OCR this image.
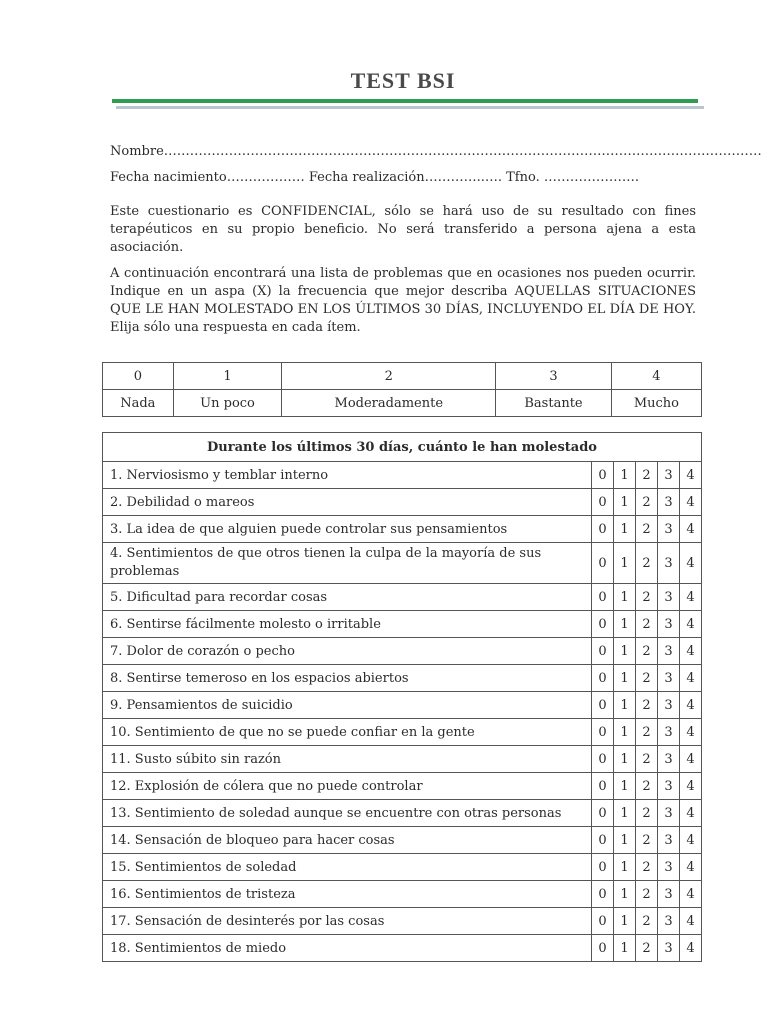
TEST BSI
Nombre…………………………………………………………………………………………………………………………
Fecha nacimiento……………… Fecha realización…………..…. Tfno. ………………….

Este cuestionario es CONFIDENCIAL, sólo se hará uso de su resultado con fines terapéuticos en su propio beneficio. No será transferido a persona ajena a esta asociación.

A continuación encontrará una lista de problemas que en ocasiones nos pueden ocurrir. Indique en un aspa (X) la frecuencia que mejor describa AQUELLAS SITUACIONES QUE LE HAN MOLESTADO EN LOS ÚLTIMOS 30 DÍAS, INCLUYENDO EL DÍA DE HOY. Elija sólo una respuesta en cada ítem.

0	1	2	3	4
Nada	Un poco	Moderadamente	Bastante	Mucho
Durante los últimos 30 días, cuánto le han molestado					
1. Nerviosismo y temblar interno	0	1	2	3	4
2. Debilidad o mareos	0	1	2	3	4
3. La idea de que alguien puede controlar sus pensamientos	0	1	2	3	4
4. Sentimientos de que otros tienen la culpa de la mayoría de sus problemas	0	1	2	3	4
5. Dificultad para recordar cosas	0	1	2	3	4
6. Sentirse fácilmente molesto o irritable	0	1	2	3	4
7. Dolor de corazón o pecho	0	1	2	3	4
8. Sentirse temeroso en los espacios abiertos	0	1	2	3	4
9. Pensamientos de suicidio	0	1	2	3	4
10. Sentimiento de que no se puede confiar en la gente	0	1	2	3	4
11. Susto súbito sin razón	0	1	2	3	4
12. Explosión de cólera que no puede controlar	0	1	2	3	4
13. Sentimiento de soledad aunque se encuentre con otras personas	0	1	2	3	4
14. Sensación de bloqueo para hacer cosas	0	1	2	3	4
15. Sentimientos de soledad	0	1	2	3	4
16. Sentimientos de tristeza	0	1	2	3	4
17. Sensación de desinterés por las cosas	0	1	2	3	4
18. Sentimientos de miedo	0	1	2	3	4
